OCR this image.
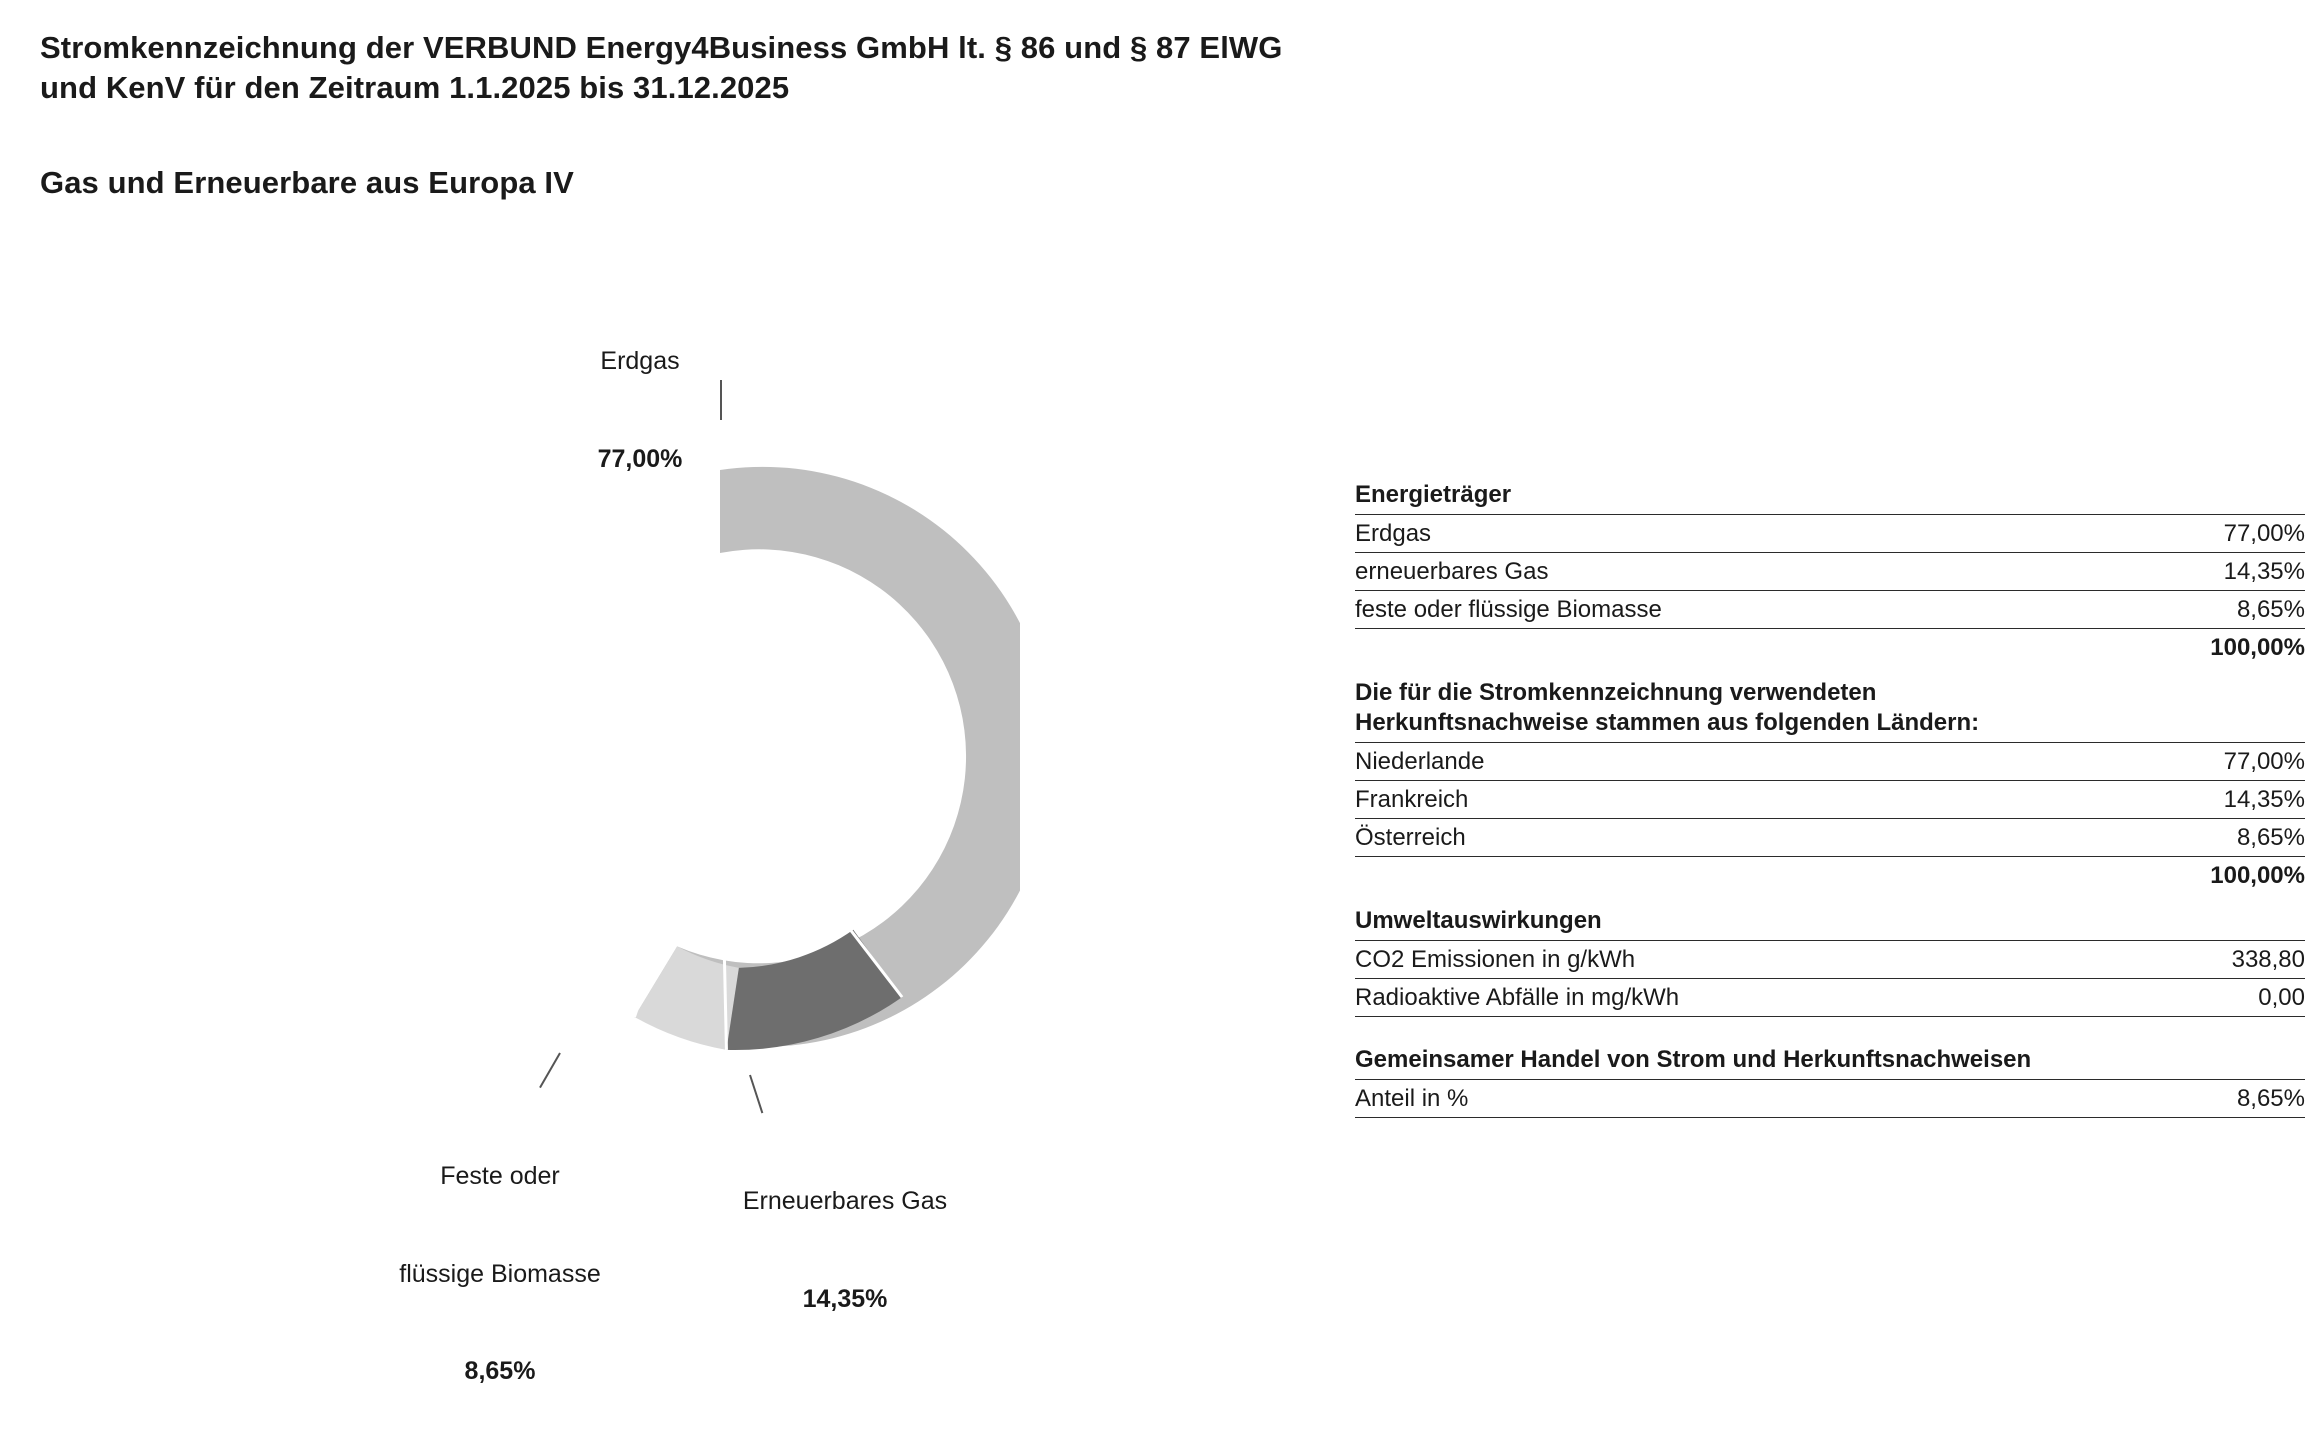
Stromkennzeichnung der VERBUND Energy4Business GmbH lt. § 86 und § 87 ElWG
und KenV für den Zeitraum 1.1.2025 bis 31.12.2025
Gas und Erneuerbare aus Europa IV

Erdgas

77,00%

Feste oder

flüssige Biomasse

8,65%

Erneuerbares Gas

14,35%

Energieträger
Erdgas	77,00%
erneuerbares Gas	14,35%
feste oder flüssige Biomasse	8,65%
100,00%
Die für die Stromkennzeichnung verwendeten
Herkunftsnachweise stammen aus folgenden Ländern:
Niederlande	77,00%
Frankreich	14,35%
Österreich	8,65%
100,00%
Umweltauswirkungen
CO2 Emissionen in g/kWh	338,80
Radioaktive Abfälle in mg/kWh	0,00
Gemeinsamer Handel von Strom und Herkunftsnachweisen
Anteil in %	8,65%
